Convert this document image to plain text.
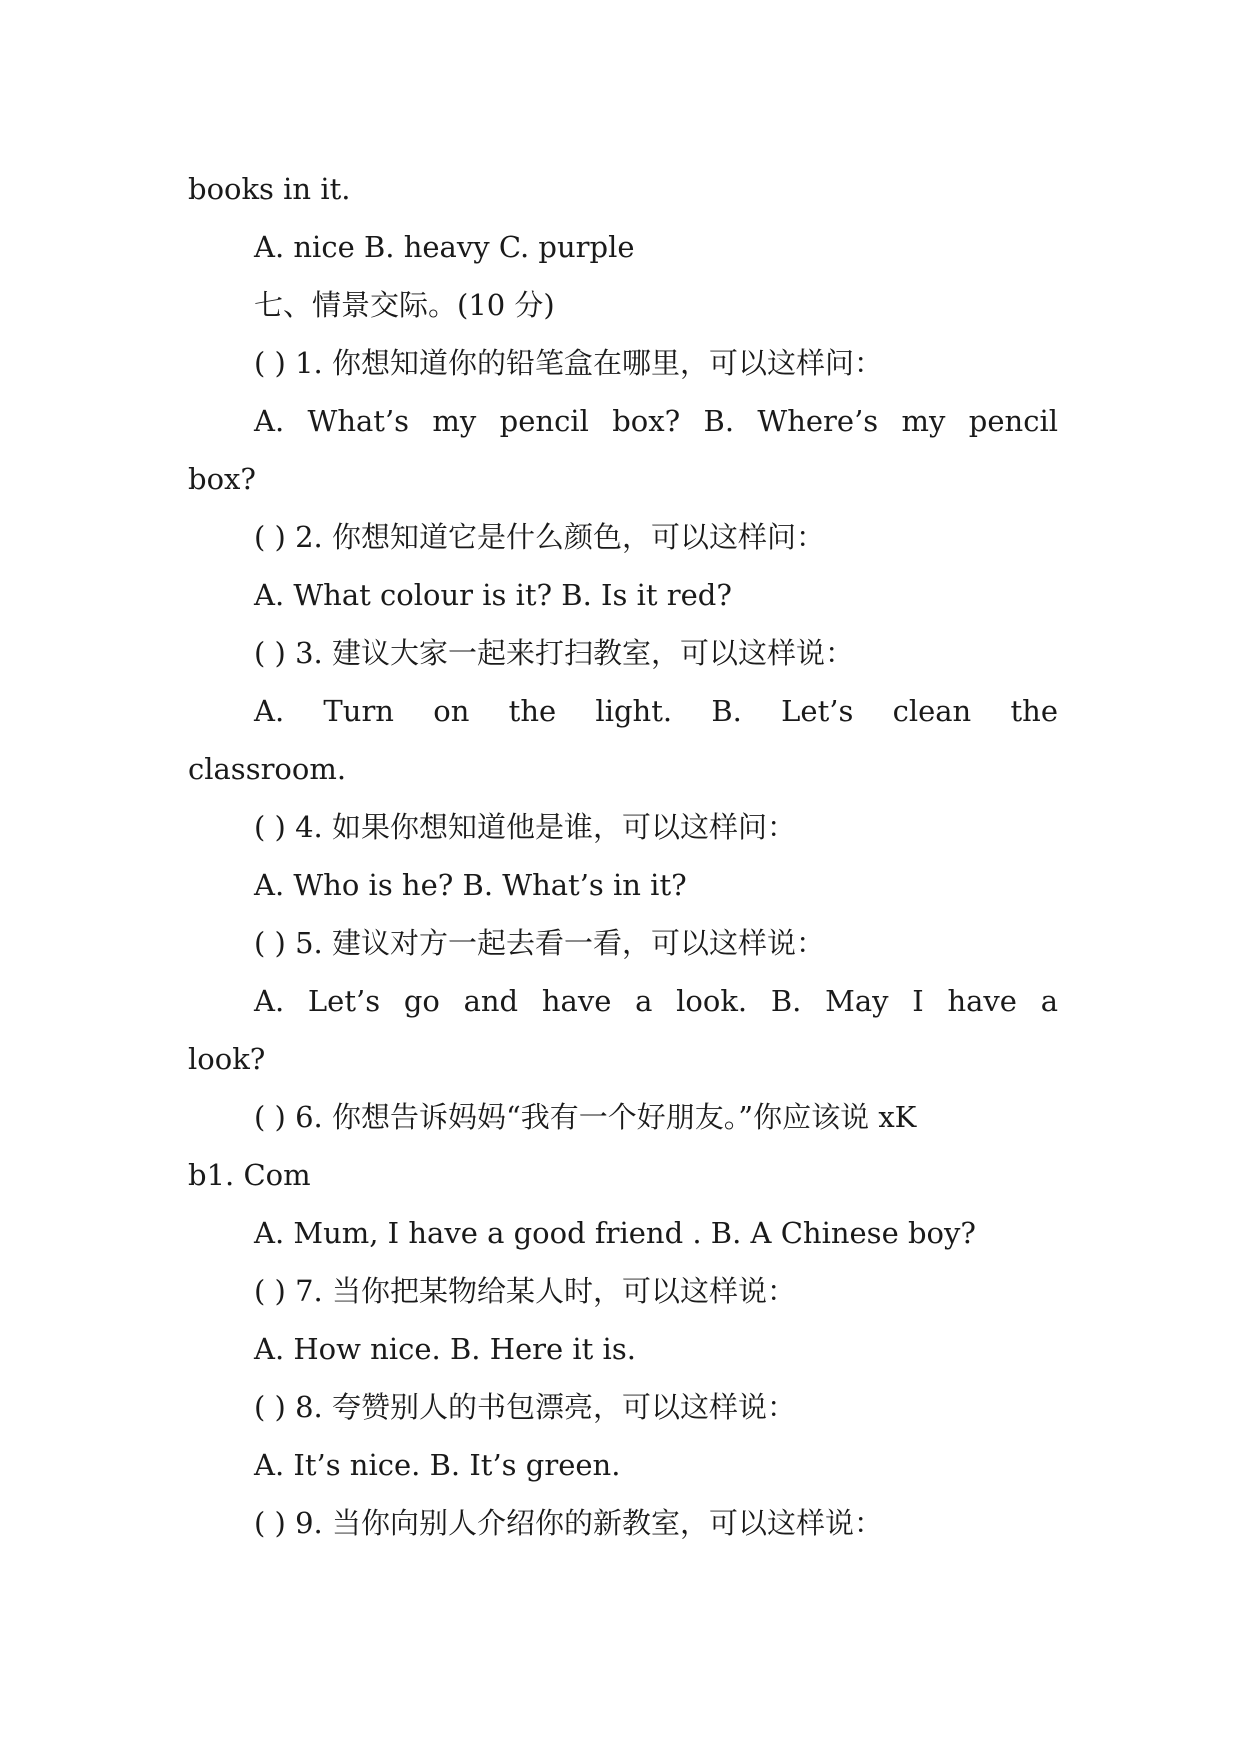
books in it.

A. nice B. heavy C. purple

七、情景交际。(10 分)

( ) 1. 你想知道你的铅笔盒在哪里，可以这样问：

A. What’s my pencil box? B. Where’s my pencil

box?

( ) 2. 你想知道它是什么颜色，可以这样问：

A. What colour is it? B. Is it red?

( ) 3. 建议大家一起来打扫教室，可以这样说：

A. Turn on the light. B. Let’s clean the

classroom.

( ) 4. 如果你想知道他是谁，可以这样问：

A. Who is he? B. What’s in it?

( ) 5. 建议对方一起去看一看，可以这样说：

A. Let’s go and have a look. B. May I have a

look?

( ) 6. 你想告诉妈妈“我有一个好朋友。”你应该说 xK

b1. Com

A. Mum, I have a good friend . B. A Chinese boy?

( ) 7. 当你把某物给某人时，可以这样说：

A. How nice. B. Here it is.

( ) 8. 夸赞别人的书包漂亮，可以这样说：

A. It’s nice. B. It’s green.

( ) 9. 当你向别人介绍你的新教室，可以这样说：
